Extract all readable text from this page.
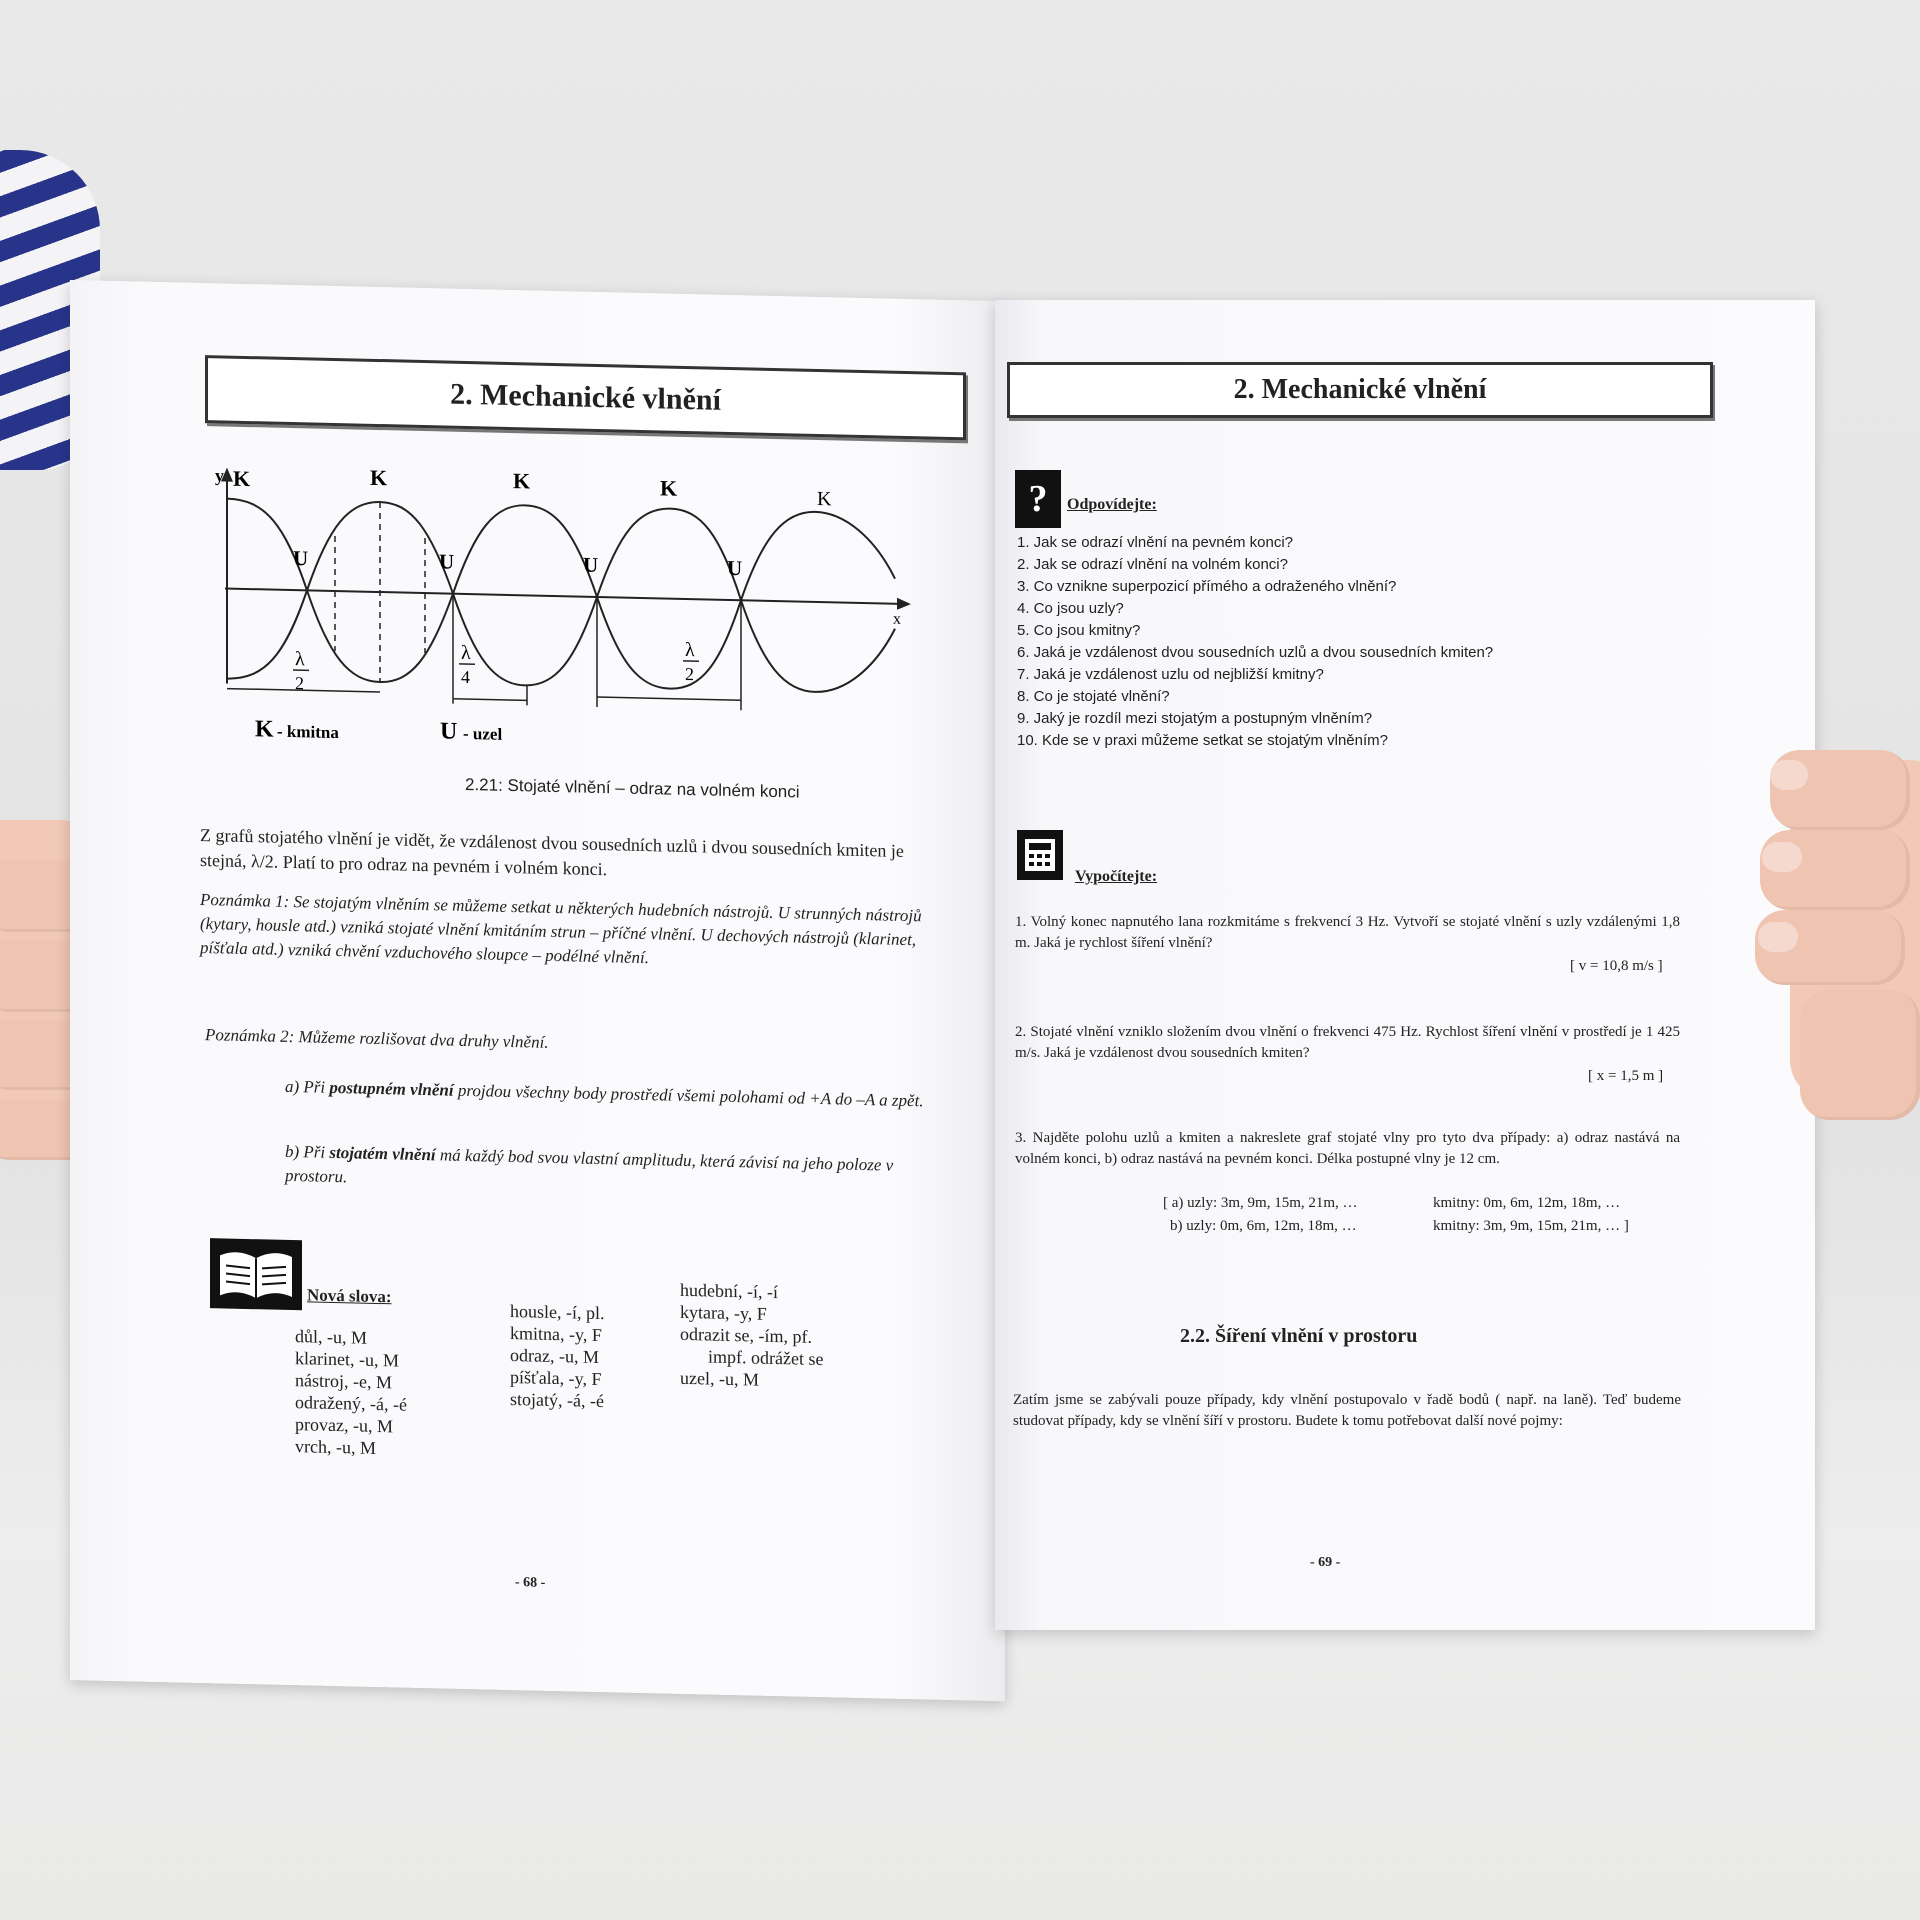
2. Mechanické vlnění
y
x
K	K	K	K	K
U	U	U	U
λ
2
λ
4
λ
2
K - kmitna	U - uzel
2.21: Stojaté vlnění – odraz na volném konci
Z grafů stojatého vlnění je vidět, že vzdálenost dvou sousedních uzlů i dvou sousedních kmiten je stejná, λ/2. Platí to pro odraz na pevném i volném konci.
Poznámka 1: Se stojatým vlněním se můžeme setkat u některých hudebních nástrojů. U strunných nástrojů (kytary, housle atd.) vzniká stojaté vlnění kmitáním strun – příčné vlnění. U dechových nástrojů (klarinet, píšťala atd.) vzniká chvění vzduchového sloupce – podélné vlnění.
Poznámka 2: Můžeme rozlišovat dva druhy vlnění.
a) Při postupném vlnění projdou všechny body prostředí všemi polohami od +A do –A a zpět.
b) Při stojatém vlnění má každý bod svou vlastní amplitudu, která závisí na jeho poloze v prostoru.
Nová slova:
důl, -u, M
klarinet, -u, M
nástroj, -e, M
odražený, -á, -é
provaz, -u, M
vrch, -u, M
housle, -í, pl.
kmitna, -y, F
odraz, -u, M
píšťala, -y, F
stojatý, -á, -é
hudební, -í, -í
kytara, -y, F
odrazit se, -ím, pf.
impf. odrážet se
uzel, -u, M
- 68 -
2. Mechanické vlnění
?	Odpovídejte:
1. Jak se odrazí vlnění na pevném konci?
2. Jak se odrazí vlnění na volném konci?
3. Co vznikne superpozicí přímého a odraženého vlnění?
4. Co jsou uzly?
5. Co jsou kmitny?
6. Jaká je vzdálenost dvou sousedních uzlů a dvou sousedních kmiten?
7. Jaká je vzdálenost uzlu od nejbližší kmitny?
8. Co je stojaté vlnění?
9. Jaký je rozdíl mezi stojatým a postupným vlněním?
10. Kde se v praxi můžeme setkat se stojatým vlněním?
Vypočítejte:
1. Volný konec napnutého lana rozkmitáme s frekvencí 3 Hz. Vytvoří se stojaté vlnění s uzly vzdálenými 1,8 m. Jaká je rychlost šíření vlnění?
[ v = 10,8 m/s ]
2. Stojaté vlnění vzniklo složením dvou vlnění o frekvenci 475 Hz. Rychlost šíření vlnění v prostředí je 1 425 m/s. Jaká je vzdálenost dvou sousedních kmiten?
[ x = 1,5 m ]
3. Najděte polohu uzlů a kmiten a nakreslete graf stojaté vlny pro tyto dva případy: a) odraz nastává na volném konci, b) odraz nastává na pevném konci. Délka postupné vlny je 12 cm.
[ a) uzly: 3m, 9m, 15m, 21m, …	kmitny: 0m, 6m, 12m, 18m, …
b) uzly: 0m, 6m, 12m, 18m, …	kmitny: 3m, 9m, 15m, 21m, … ]
2.2. Šíření vlnění v prostoru
Zatím jsme se zabývali pouze případy, kdy vlnění postupovalo v řadě bodů ( např. na laně). Teď budeme studovat případy, kdy se vlnění šíří v prostoru. Budete k tomu potřebovat další nové pojmy:
- 69 -
